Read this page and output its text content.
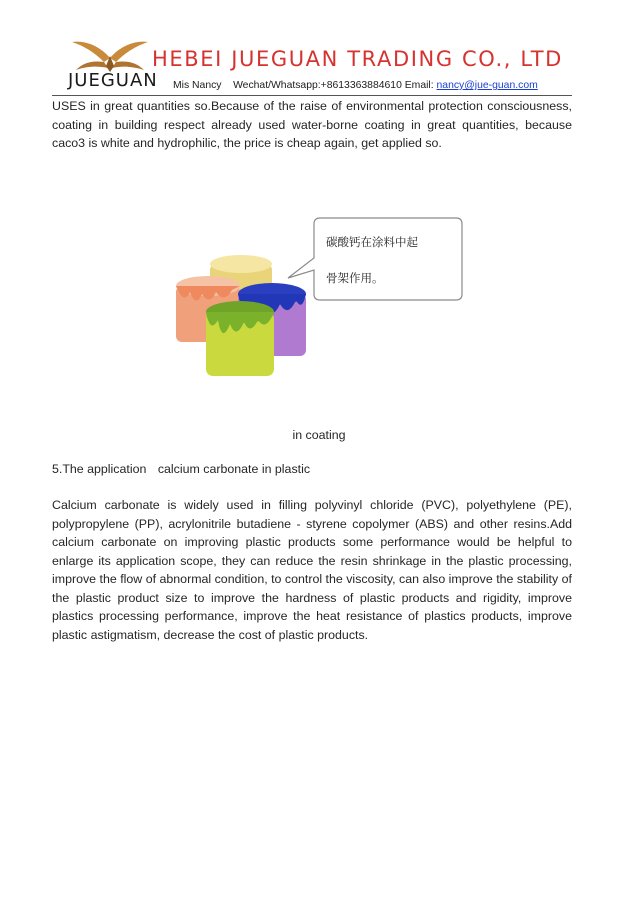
JUEGUAN
HEBEI JUEGUAN TRADING CO., LTD
Mis Nancy Wechat/Whatsapp:+8613363884610 Email: nancy@jue-guan.com

USES in great quantities so.Because of the raise of environmental protection consciousness, coating in building respect already used water-borne coating in great quantities, because caco3 is white and hydrophilic, the price is cheap again, get applied so.

碳酸钙在涂料中起
骨架作用。
in coating
5.The application calcium carbonate in plastic

Calcium carbonate is widely used in filling polyvinyl chloride (PVC), polyethylene (PE), polypropylene (PP), acrylonitrile butadiene - styrene copolymer (ABS) and other resins.Add calcium carbonate on improving plastic products some performance would be helpful to enlarge its application scope, they can reduce the resin shrinkage in the plastic processing, improve the flow of abnormal condition, to control the viscosity, can also improve the stability of the plastic product size to improve the hardness of plastic products and rigidity, improve plastics processing performance, improve the heat resistance of plastics products, improve plastic astigmatism, decrease the cost of plastic products.
